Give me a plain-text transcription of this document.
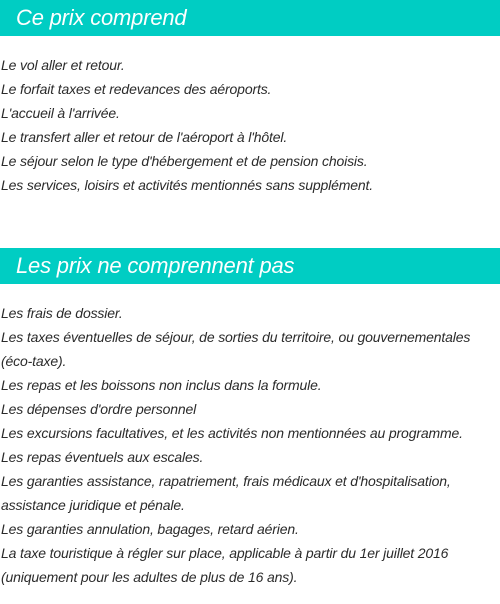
Ce prix comprend
Le vol aller et retour.
Le forfait taxes et redevances des aéroports.
L'accueil à l'arrivée.
Le transfert aller et retour de l'aéroport à l'hôtel.
Le séjour selon le type d'hébergement et de pension choisis.
Les services, loisirs et activités mentionnés sans supplément.
Les prix ne comprennent pas
Les frais de dossier.
Les taxes éventuelles de séjour, de sorties du territoire, ou gouvernementales (éco-taxe).
Les repas et les boissons non inclus dans la formule.
Les dépenses d'ordre personnel
Les excursions facultatives, et les activités non mentionnées au programme.
Les repas éventuels aux escales.
Les garanties assistance, rapatriement, frais médicaux et d'hospitalisation, assistance juridique et pénale.
Les garanties annulation, bagages, retard aérien.
La taxe touristique à régler sur place, applicable à partir du 1er juillet 2016 (uniquement pour les adultes de plus de 16 ans).
